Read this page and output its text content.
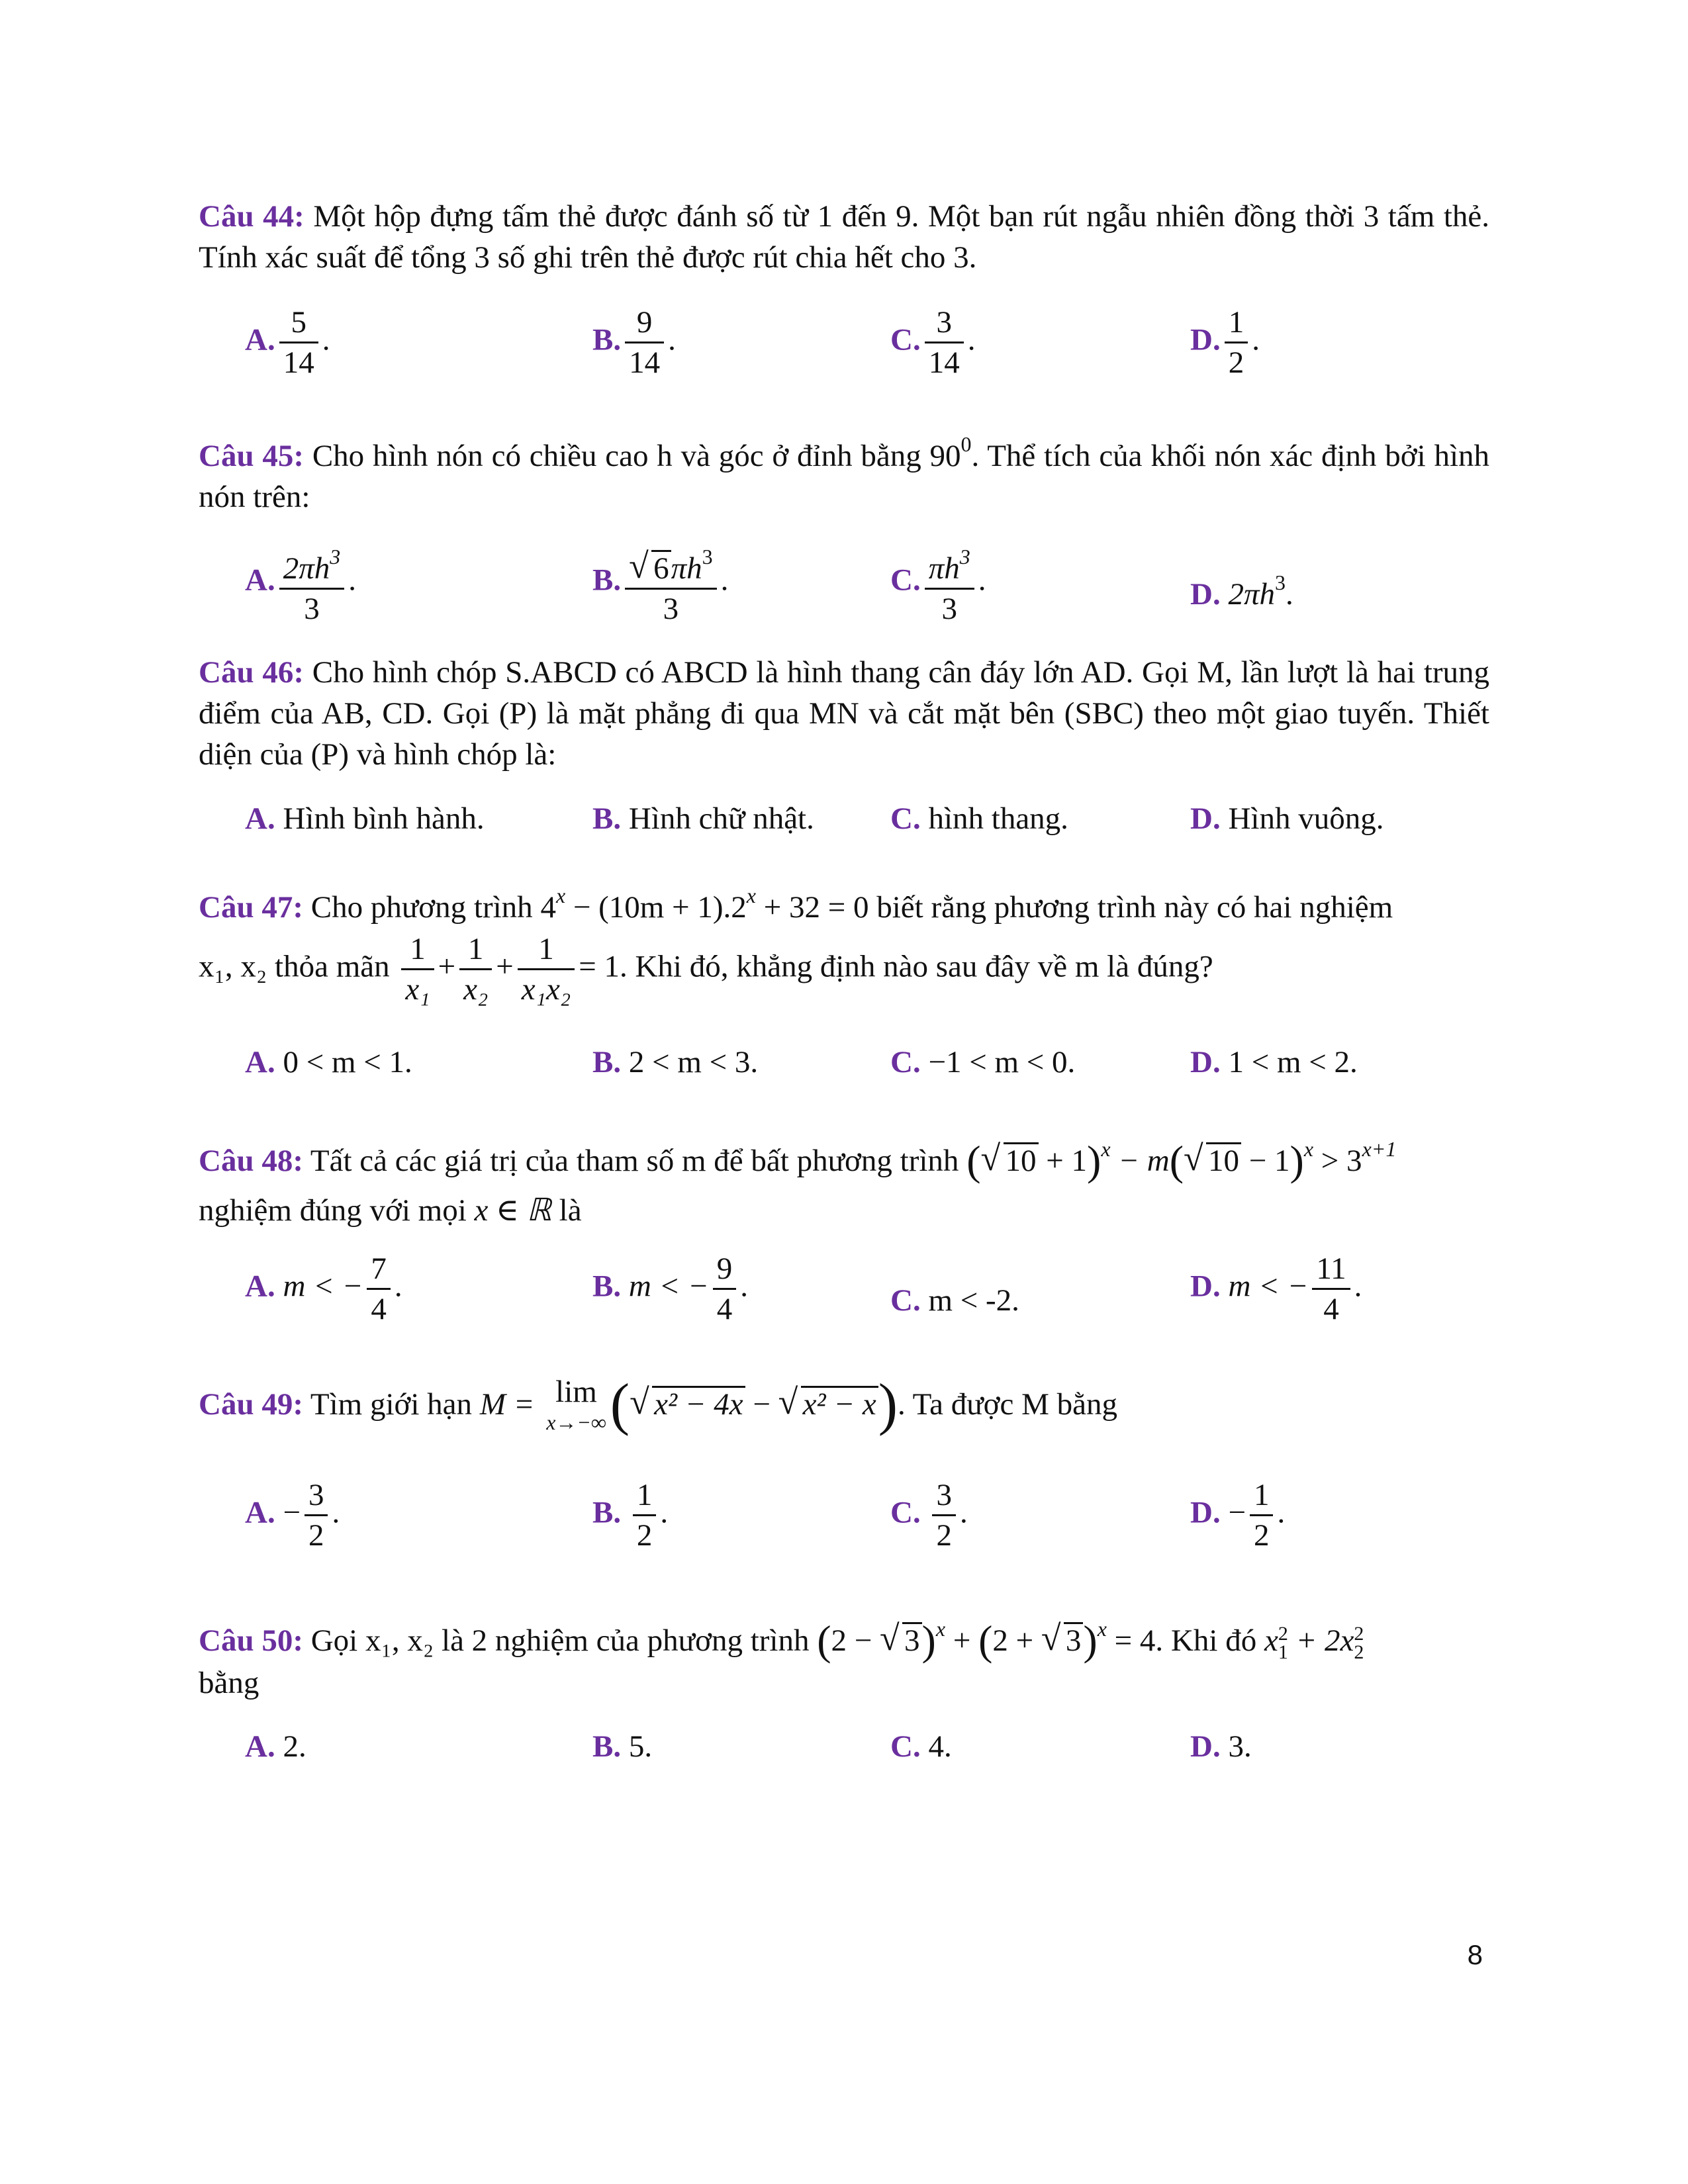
Câu 44: Một hộp đựng tấm thẻ được đánh số từ 1 đến 9. Một bạn rút ngẫu nhiên đồng thời 3 tấm thẻ. Tính xác suất để tổng 3 số ghi trên thẻ được rút chia hết cho 3.
A. $\frac{5}{14}$ .	B. $\frac{9}{14}$ .	C. $\frac{3}{14}$ .	D. $\frac{1}{2}$ .
Câu 45: Cho hình nón có chiều cao h và góc ở đỉnh bằng $90^0$. Thể tích của khối nón xác định bởi hình nón trên:
A. $\frac{2\pi h^3}{3}$ .	B. $\frac{√ 6\pi h^3}{3}$ .	C. $\frac{\pi h^3}{3}$ .	D. $2\pi h^3$.
Câu 46: Cho hình chóp S.ABCD có ABCD là hình thang cân đáy lớn AD. Gọi M, lần lượt là hai trung điểm của AB, CD. Gọi (P) là mặt phẳng đi qua MN và cắt mặt bên (SBC) theo một giao tuyến. Thiết diện của (P) và hình chóp là:
A. Hình bình hành.	B. Hình chữ nhật. C. hình thang.	D. Hình vuông.
Câu 47: Cho phương trình $4^x - (10m + 1).2^x + 32 = 0$ biết rằng phương trình này có hai nghiệm
x₁, x₂ thỏa mãn $\frac{1}{\text{x₁}} + \frac{1}{\text{x₂}} + \frac{1}{\text{x₁x₂}} = 1$. Khi đó, khẳng định nào sau đây về m là đúng?
A. 0 < m < 1.	B. 2 < m < 3.	C. −1 < m < 0.	D. 1 < m < 2.
Câu 48: Tất cả các giá trị của tham số m để bất phương trình ( √ 10 + 1)$^x$ − m( √ $10 - 1)^x > 3^{x+1}$
nghiệm đúng với mọi x ∈ ℝ là
A. m < − $\frac{7}{4}$ .	B. m < − $\frac{9}{4}$ .	C. m < -2.	D. m < − $\frac{11}{4}$ .
Câu 49: Tìm giới hạn M = lim
x→−∞ ( √ x² − 4x − √ x² − x). Ta được M bằng
A. − $\frac{3}{2}$ .	B. $\frac{1}{2}$ .	C. $\frac{3}{2}$ .	D. − $\frac{1}{2}$ .
Câu 50: Gọi x₁, x₂ là 2 nghiệm của phương trình (2 − √ 3)$^x$ + (2 + √ 3)$^x$ = 4. Khi đó x 2
1 + 2x 2
2
bằng
A. 2.	B. 5.	C. 4.	D. 3.
8
